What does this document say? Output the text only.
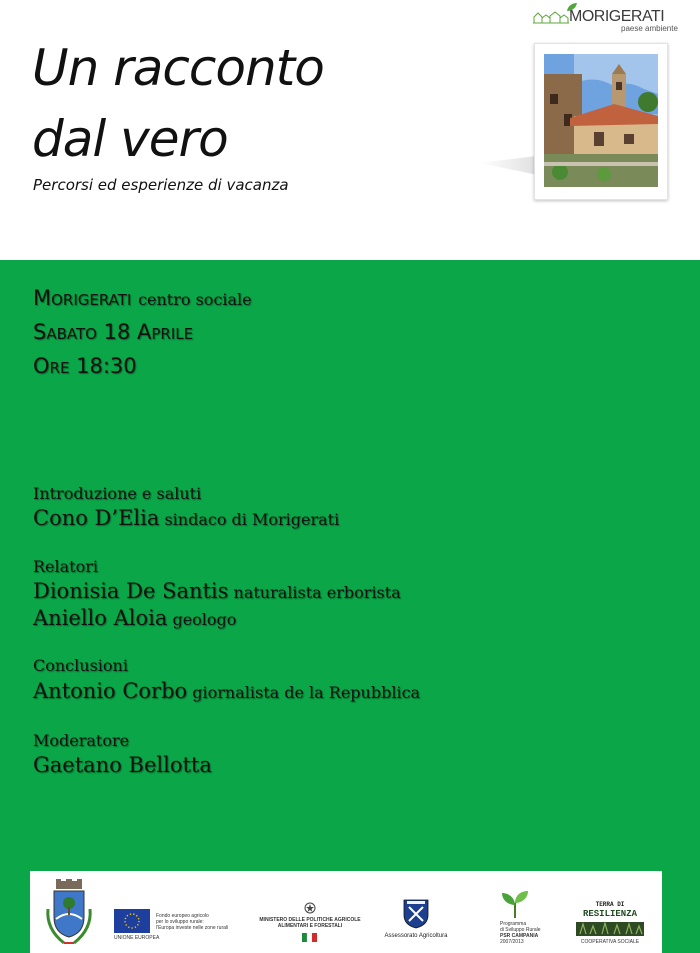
MORIGERATI
paese ambiente
Un racconto
dal vero
Percorsi ed esperienze di vacanza
Morigerati centro sociale
Sabato 18 Aprile
Ore 18:30
Introduzione e saluti
Cono D’Elia sindaco di Morigerati
Relatori
Dionisia De Santis naturalista erborista
Aniello Aloia geologo
Conclusioni
Antonio Corbo giornalista de la Repubblica
Moderatore
Gaetano Bellotta
UNIONE EUROPEA
Fondo europeo agricolo
per lo sviluppo rurale:
l'Europa investe nelle zone rurali
MINISTERO DELLE POLITICHE AGRICOLE
ALIMENTARI E FORESTALI
Assessorato Agricoltura
Programma
di Sviluppo Rurale
PSR CAMPANIA
2007/2013
TERRA DI
RESILIENZA
COOPERATIVA SOCIALE
